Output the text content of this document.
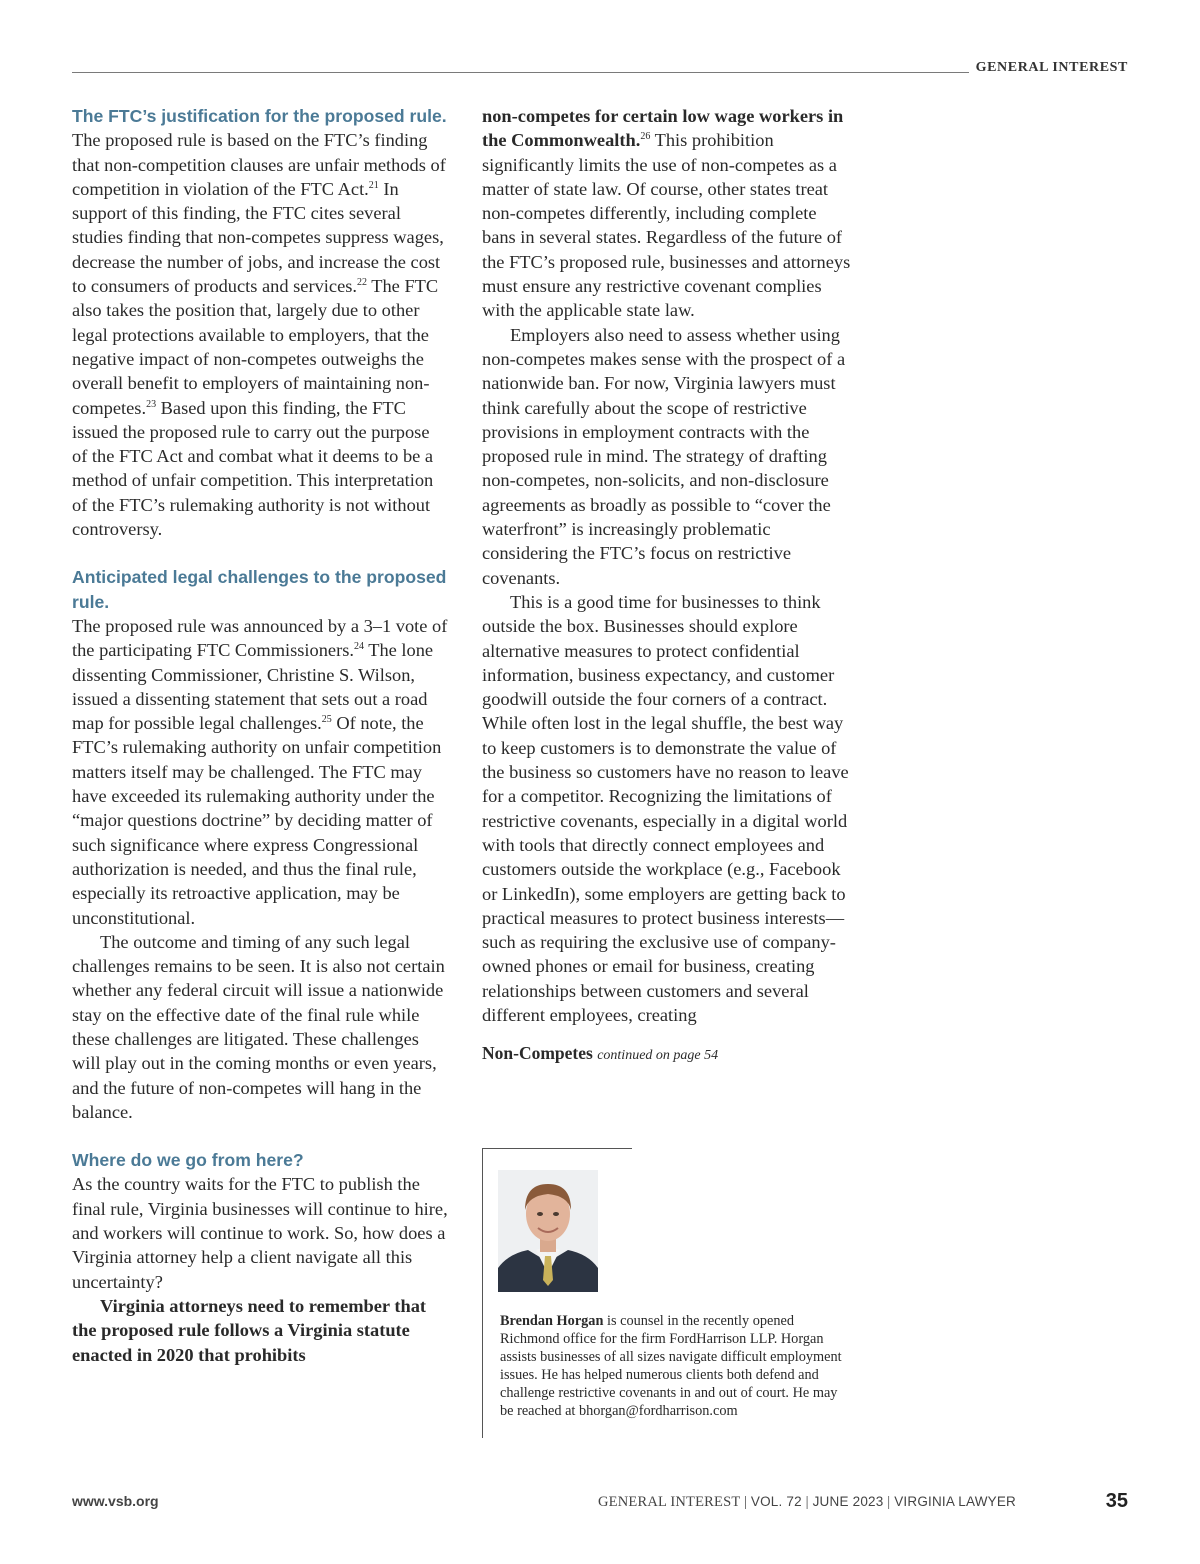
GENERAL INTEREST

The FTC’s justification for the proposed rule.

The proposed rule is based on the FTC’s finding that non-competition clauses are unfair methods of competition in violation of the FTC Act.$^{21}$ In support of this finding, the FTC cites several studies finding that non-competes suppress wages, decrease the number of jobs, and increase the cost to consumers of products and services.$^{22}$ The FTC also takes the position that, largely due to other legal protections available to employers, that the negative impact of non-competes outweighs the overall benefit to employers of maintaining non-competes.$^{23}$ Based upon this finding, the FTC issued the proposed rule to carry out the purpose of the FTC Act and combat what it deems to be a method of unfair competition. This interpretation of the FTC’s rulemaking authority is not without controversy.

Anticipated legal challenges to the proposed rule.

The proposed rule was announced by a 3–1 vote of the participating FTC Commissioners.$^{24}$ The lone dissenting Commissioner, Christine S. Wilson, issued a dissenting statement that sets out a road map for possible legal challenges.$^{25}$ Of note, the FTC’s rulemaking authority on unfair competition matters itself may be challenged. The FTC may have exceeded its rulemaking authority under the “major questions doctrine” by deciding matter of such significance where express Congressional authorization is needed, and thus the final rule, especially its retroactive application, may be unconstitutional.

The outcome and timing of any such legal challenges remains to be seen. It is also not certain whether any federal circuit will issue a nationwide stay on the effective date of the final rule while these challenges are litigated. These challenges will play out in the coming months or even years, and the future of non-competes will hang in the balance.

Where do we go from here?

As the country waits for the FTC to publish the final rule, Virginia businesses will continue to hire, and workers will continue to work. So, how does a Virginia attorney help a client navigate all this uncertainty?

Virginia attorneys need to remember that the proposed rule follows a Virginia statute enacted in 2020 that prohibits

non-competes for certain low wage workers in the Commonwealth.$^{26}$ This prohibition significantly limits the use of non-competes as a matter of state law. Of course, other states treat non-competes differently, including complete bans in several states. Regardless of the future of the FTC’s proposed rule, businesses and attorneys must ensure any restrictive covenant complies with the applicable state law.

Employers also need to assess whether using non-competes makes sense with the prospect of a nationwide ban. For now, Virginia lawyers must think carefully about the scope of restrictive provisions in employment contracts with the proposed rule in mind. The strategy of drafting non-competes, non-solicits, and non-disclosure agreements as broadly as possible to “cover the waterfront” is increasingly problematic considering the FTC’s focus on restrictive covenants.

This is a good time for businesses to think outside the box. Businesses should explore alternative measures to protect confidential information, business expectancy, and customer goodwill outside the four corners of a contract. While often lost in the legal shuffle, the best way to keep customers is to demonstrate the value of the business so customers have no reason to leave for a competitor. Recognizing the limitations of restrictive covenants, especially in a digital world with tools that directly connect employees and customers outside the workplace (e.g., Facebook or LinkedIn), some employers are getting back to practical measures to protect business interests—such as requiring the exclusive use of company-owned phones or email for business, creating relationships between customers and several different employees, creating

Non-Competes continued on page 54

Brendan Horgan is counsel in the recently opened Richmond office for the firm FordHarrison LLP. Horgan assists businesses of all sizes navigate difficult employment issues. He has helped numerous clients both defend and challenge restrictive covenants in and out of court. He may be reached at bhorgan@fordharrison.com

www.vsb.org	GENERAL INTEREST | VOL. 72 | JUNE 2023 | VIRGINIA LAWYER	35
